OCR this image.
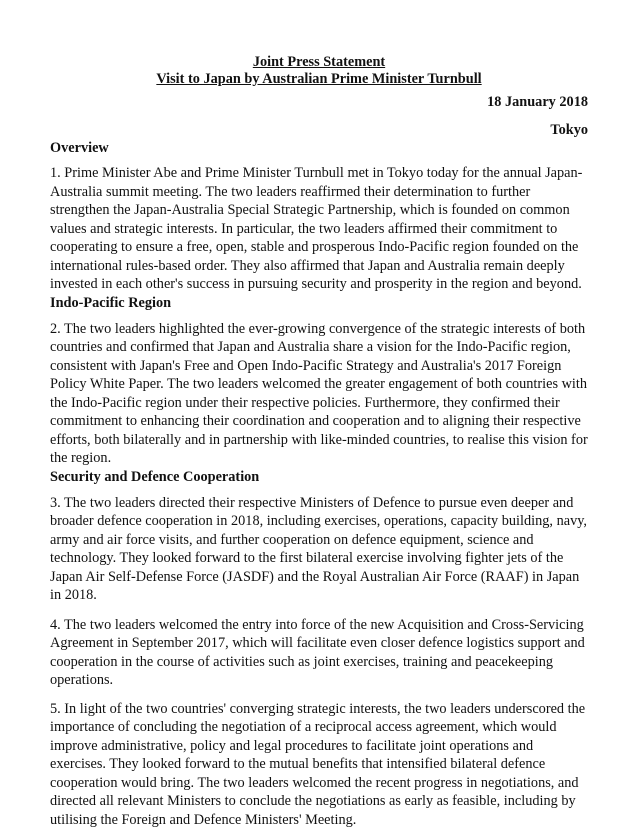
Joint Press Statement
Visit to Japan by Australian Prime Minister Turnbull
18 January 2018
Tokyo
Overview

1. Prime Minister Abe and Prime Minister Turnbull met in Tokyo today for the annual Japan-Australia summit meeting. The two leaders reaffirmed their determination to further strengthen the Japan-Australia Special Strategic Partnership, which is founded on common values and strategic interests. In particular, the two leaders affirmed their commitment to cooperating to ensure a free, open, stable and prosperous Indo-Pacific region founded on the international rules-based order. They also affirmed that Japan and Australia remain deeply invested in each other's success in pursuing security and prosperity in the region and beyond.

Indo-Pacific Region

2. The two leaders highlighted the ever-growing convergence of the strategic interests of both countries and confirmed that Japan and Australia share a vision for the Indo-Pacific region, consistent with Japan's Free and Open Indo-Pacific Strategy and Australia's 2017 Foreign Policy White Paper. The two leaders welcomed the greater engagement of both countries with the Indo-Pacific region under their respective policies. Furthermore, they confirmed their commitment to enhancing their coordination and cooperation and to aligning their respective efforts, both bilaterally and in partnership with like-minded countries, to realise this vision for the region.

Security and Defence Cooperation

3. The two leaders directed their respective Ministers of Defence to pursue even deeper and broader defence cooperation in 2018, including exercises, operations, capacity building, navy, army and air force visits, and further cooperation on defence equipment, science and technology. They looked forward to the first bilateral exercise involving fighter jets of the Japan Air Self-Defense Force (JASDF) and the Royal Australian Air Force (RAAF) in Japan in 2018.

4. The two leaders welcomed the entry into force of the new Acquisition and Cross-Servicing Agreement in September 2017, which will facilitate even closer defence logistics support and cooperation in the course of activities such as joint exercises, training and peacekeeping operations.

5. In light of the two countries' converging strategic interests, the two leaders underscored the importance of concluding the negotiation of a reciprocal access agreement, which would improve administrative, policy and legal procedures to facilitate joint operations and exercises. They looked forward to the mutual benefits that intensified bilateral defence cooperation would bring. The two leaders welcomed the recent progress in negotiations, and directed all relevant Ministers to conclude the negotiations as early as feasible, including by utilising the Foreign and Defence Ministers' Meeting.
